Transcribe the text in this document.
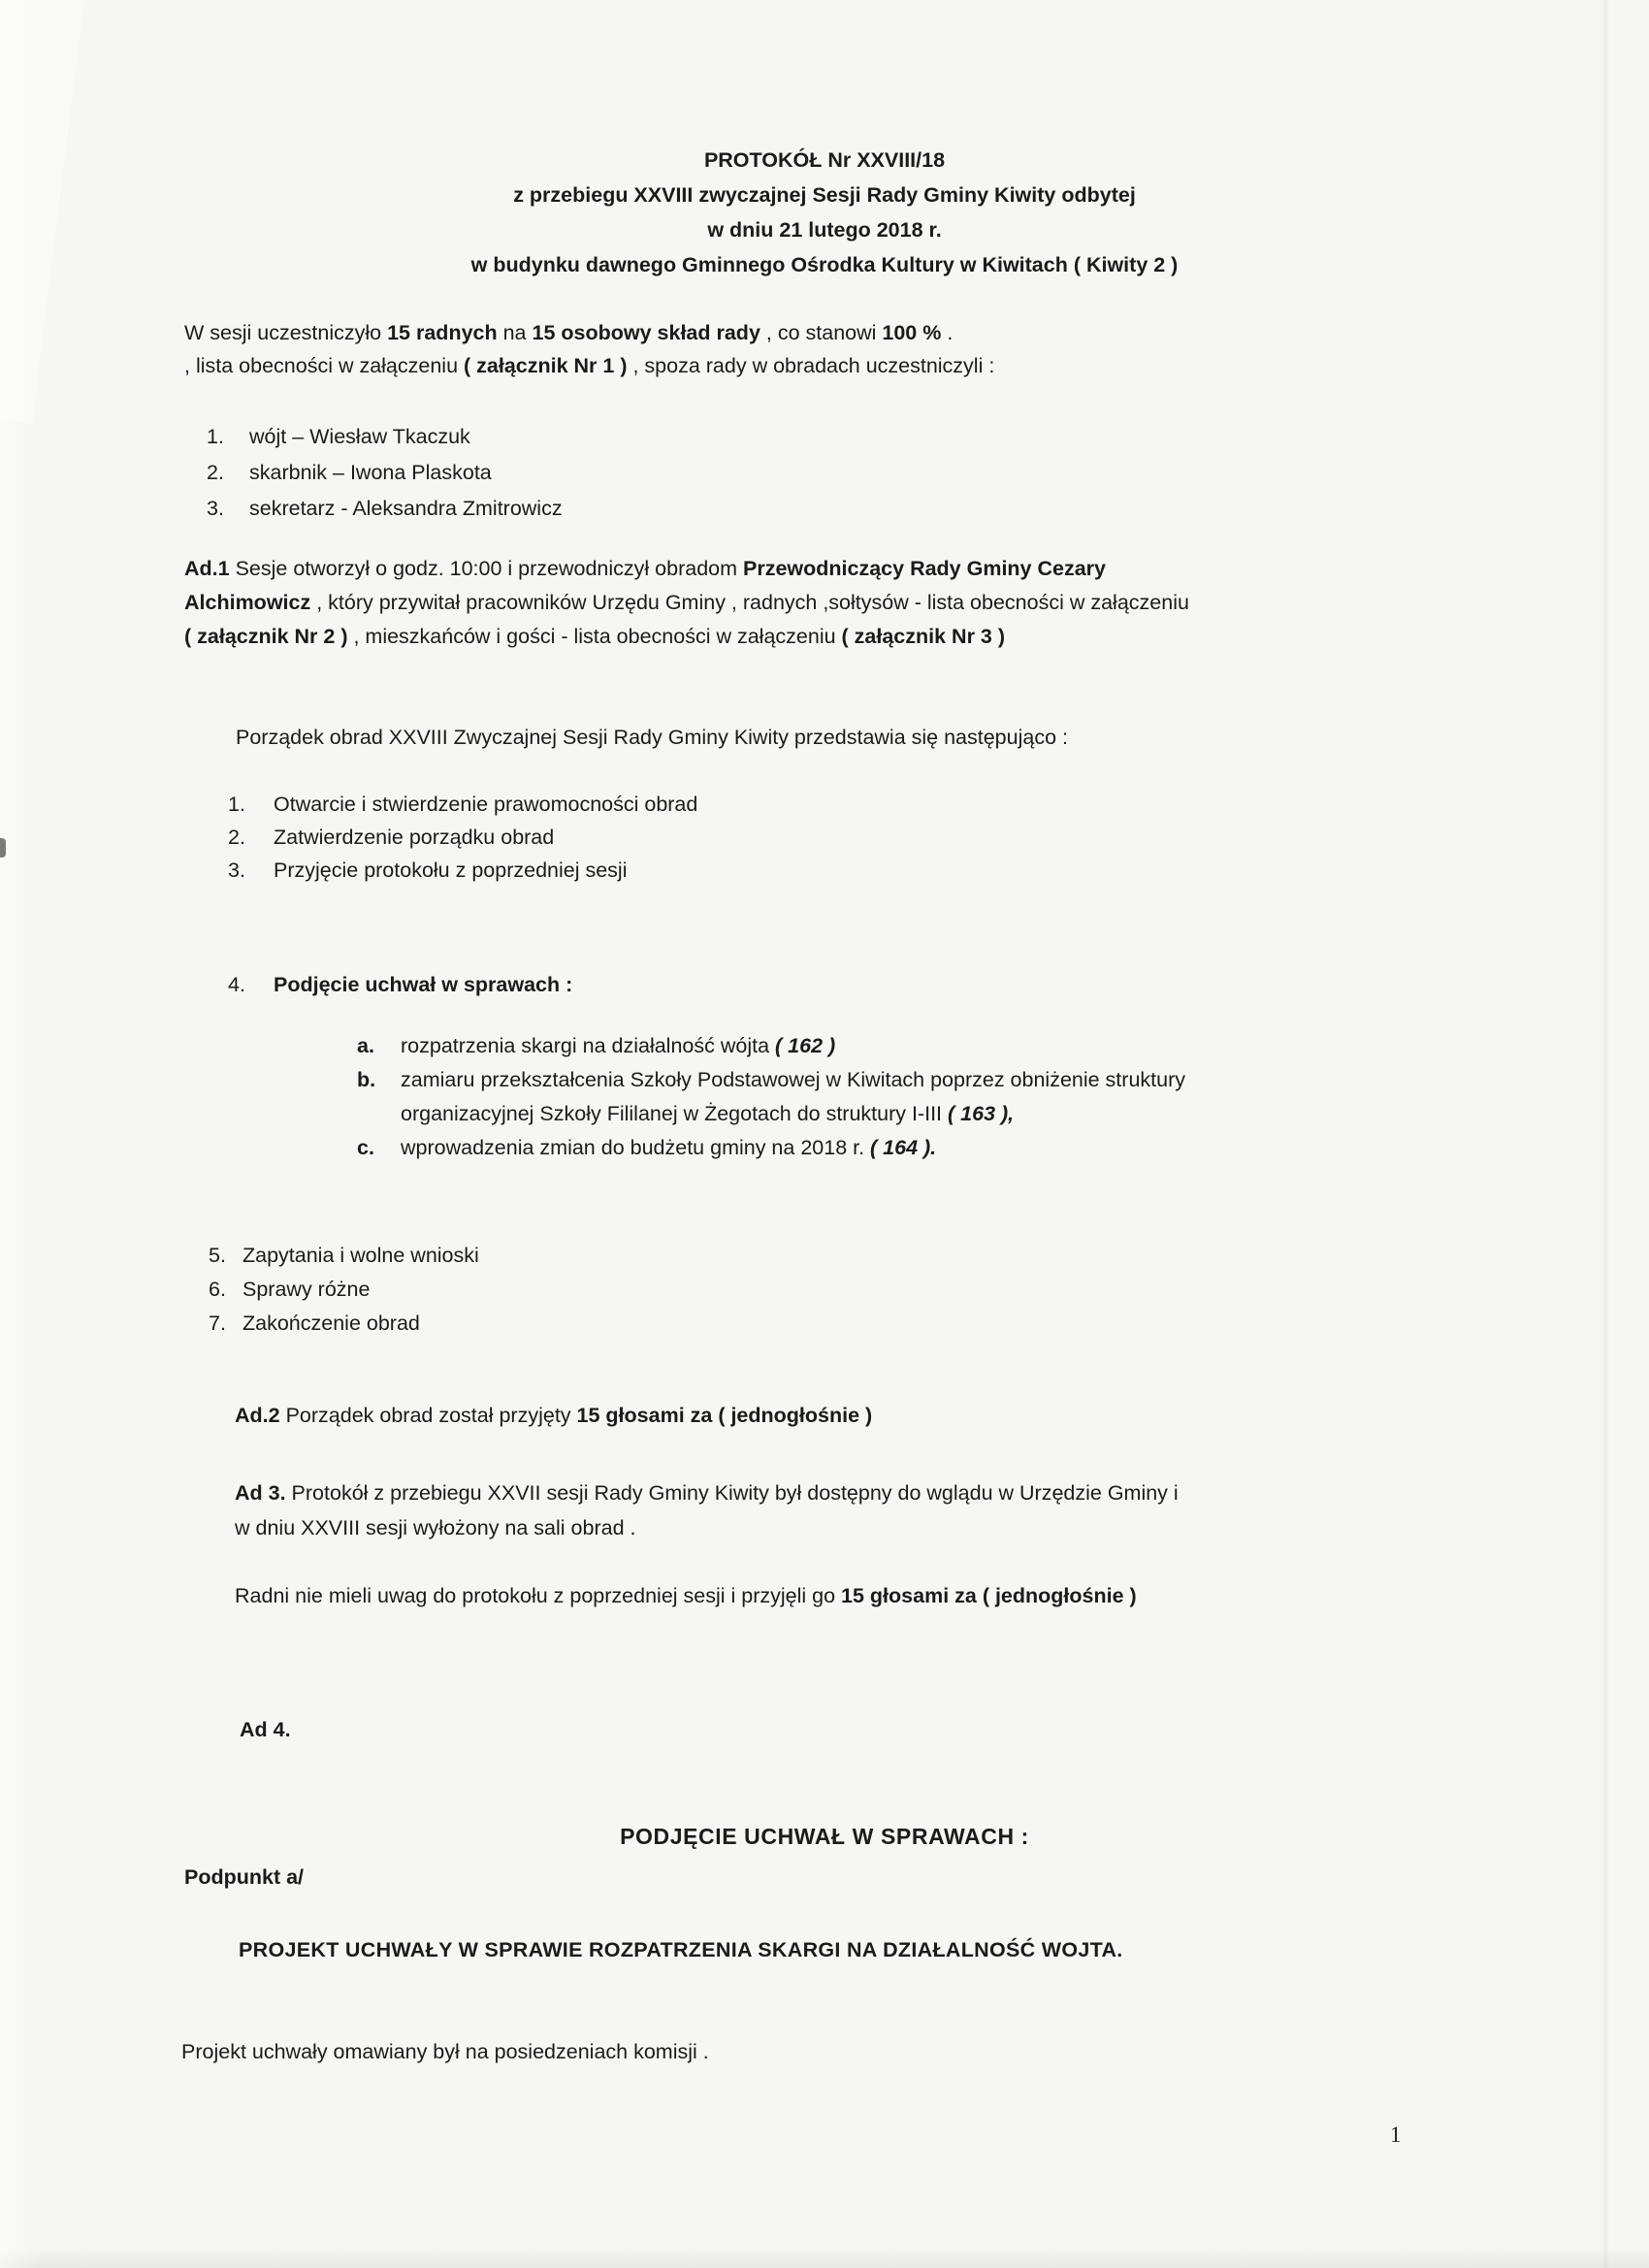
PROTOKÓŁ Nr XXVIII/18
z przebiegu XXVIII zwyczajnej Sesji Rady Gminy Kiwity odbytej
w dniu 21 lutego 2018 r.
w budynku dawnego Gminnego Ośrodka Kultury w Kiwitach ( Kiwity 2 )
W sesji uczestniczyło 15 radnych na 15 osobowy skład rady , co stanowi 100 % .
, lista obecności w załączeniu ( załącznik Nr 1 ) , spoza rady w obradach uczestniczyli :
1. wójt – Wiesław Tkaczuk
2. skarbnik – Iwona Plaskota
3. sekretarz - Aleksandra Zmitrowicz
Ad.1 Sesje otworzył o godz. 10:00 i przewodniczył obradom Przewodniczący Rady Gminy Cezary
Alchimowicz , który przywitał pracowników Urzędu Gminy , radnych ,sołtysów - lista obecności w załączeniu
( załącznik Nr 2 ) , mieszkańców i gości - lista obecności w załączeniu ( załącznik Nr 3 )
Porządek obrad XXVIII Zwyczajnej Sesji Rady Gminy Kiwity przedstawia się następująco :
1. Otwarcie i stwierdzenie prawomocności obrad
2. Zatwierdzenie porządku obrad
3. Przyjęcie protokołu z poprzedniej sesji
4. Podjęcie uchwał w sprawach :
a. rozpatrzenia skargi na działalność wójta ( 162 )
b. zamiaru przekształcenia Szkoły Podstawowej w Kiwitach poprzez obniżenie struktury
organizacyjnej Szkoły Fililanej w Żegotach do struktury I-III ( 163 ),
c. wprowadzenia zmian do budżetu gminy na 2018 r. ( 164 ).
5. Zapytania i wolne wnioski
6. Sprawy różne
7. Zakończenie obrad
Ad.2 Porządek obrad został przyjęty 15 głosami za ( jednogłośnie )
Ad 3. Protokół z przebiegu XXVII sesji Rady Gminy Kiwity był dostępny do wglądu w Urzędzie Gminy i
w dniu XXVIII sesji wyłożony na sali obrad .
Radni nie mieli uwag do protokołu z poprzedniej sesji i przyjęli go 15 głosami za ( jednogłośnie )
Ad 4.
PODJĘCIE UCHWAŁ W SPRAWACH :
Podpunkt a/
PROJEKT UCHWAŁY W SPRAWIE ROZPATRZENIA SKARGI NA DZIAŁALNOŚĆ WOJTA.
Projekt uchwały omawiany był na posiedzeniach komisji .
1
